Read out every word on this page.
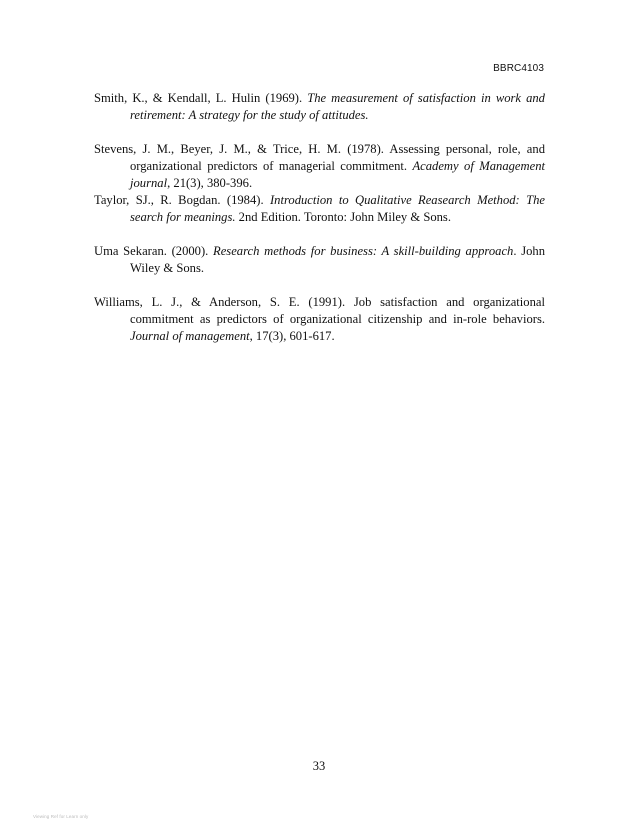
BBRC4103

Smith, K., & Kendall, L. Hulin (1969). The measurement of satisfaction in work and retirement: A strategy for the study of attitudes.

Stevens, J. M., Beyer, J. M., & Trice, H. M. (1978). Assessing personal, role, and organizational predictors of managerial commitment. Academy of Management journal, 21(3), 380-396.

Taylor, SJ., R. Bogdan. (1984). Introduction to Qualitative Reasearch Method: The search for meanings. 2nd Edition. Toronto: John Miley & Sons.

Uma Sekaran. (2000). Research methods for business: A skill-building approach. John Wiley & Sons.

Williams, L. J., & Anderson, S. E. (1991). Job satisfaction and organizational commitment as predictors of organizational citizenship and in-role behaviors. Journal of management, 17(3), 601-617.

33
Viewing Ref for Learn only
